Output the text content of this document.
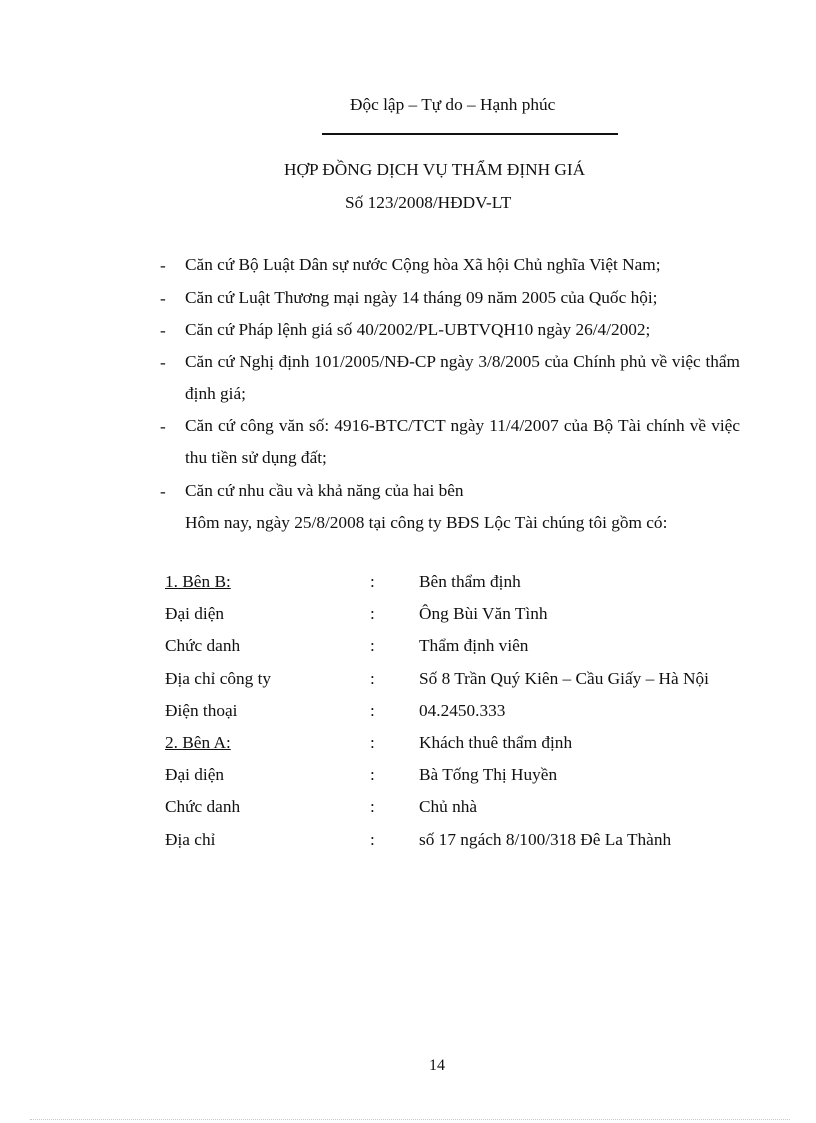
Độc lập – Tự do – Hạnh phúc
HỢP ĐỒNG DỊCH VỤ THẨM ĐỊNH GIÁ
Số 123/2008/HĐDV-LT
- Căn cứ Bộ Luật Dân sự nước Cộng hòa Xã hội Chủ nghĩa Việt Nam;
- Căn cứ Luật Thương mại ngày 14 tháng 09 năm 2005 của Quốc hội;
- Căn cứ Pháp lệnh giá số 40/2002/PL-UBTVQH10 ngày 26/4/2002;
- Căn cứ Nghị định 101/2005/NĐ-CP ngày 3/8/2005 của Chính phủ về việc thẩm định giá;
- Căn cứ công văn số: 4916-BTC/TCT ngày 11/4/2007 của Bộ Tài chính về việc thu tiền sử dụng đất;
- Căn cứ nhu cầu và khả năng của hai bên
Hôm nay, ngày 25/8/2008 tại công ty BĐS Lộc Tài chúng tôi gồm có:
1. Bên B:	:	Bên thẩm định
Đại diện	:	Ông Bùi Văn Tình
Chức danh	:	Thẩm định viên
Địa chỉ công ty	:	Số 8 Trần Quý Kiên – Cầu Giấy – Hà Nội
Điện thoại	:	04.2450.333
2. Bên A:	:	Khách thuê thẩm định
Đại diện	:	Bà Tống Thị Huyền
Chức danh	:	Chủ nhà
Địa chỉ	:	số 17 ngách 8/100/318 Đê La Thành
14
